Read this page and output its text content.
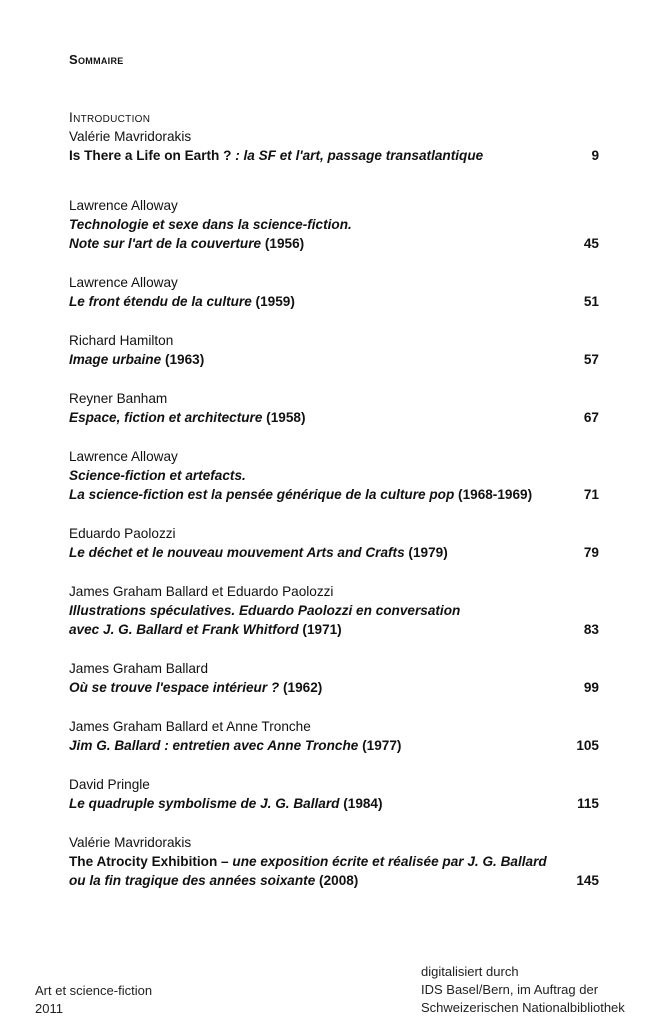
Sommaire
Introduction
Valérie Mavridorakis
Is There a Life on Earth ? : la SF et l'art, passage transatlantique	9
Lawrence Alloway
Technologie et sexe dans la science-fiction.
Note sur l'art de la couverture (1956)	45
Lawrence Alloway
Le front étendu de la culture (1959)	51
Richard Hamilton
Image urbaine (1963)	57
Reyner Banham
Espace, fiction et architecture (1958)	67
Lawrence Alloway
Science-fiction et artefacts.
La science-fiction est la pensée générique de la culture pop (1968-1969)	71
Eduardo Paolozzi
Le déchet et le nouveau mouvement Arts and Crafts (1979)	79
James Graham Ballard et Eduardo Paolozzi
Illustrations spéculatives. Eduardo Paolozzi en conversation
avec J. G. Ballard et Frank Whitford (1971)	83
James Graham Ballard
Où se trouve l'espace intérieur ? (1962)	99
James Graham Ballard et Anne Tronche
Jim G. Ballard : entretien avec Anne Tronche (1977)	105
David Pringle
Le quadruple symbolisme de J. G. Ballard (1984)	115
Valérie Mavridorakis
The Atrocity Exhibition – une exposition écrite et réalisée par J. G. Ballard
ou la fin tragique des années soixante (2008)	145
Art et science-fiction
2011
digitalisiert durch
IDS Basel/Bern, im Auftrag der
Schweizerischen Nationalbibliothek
